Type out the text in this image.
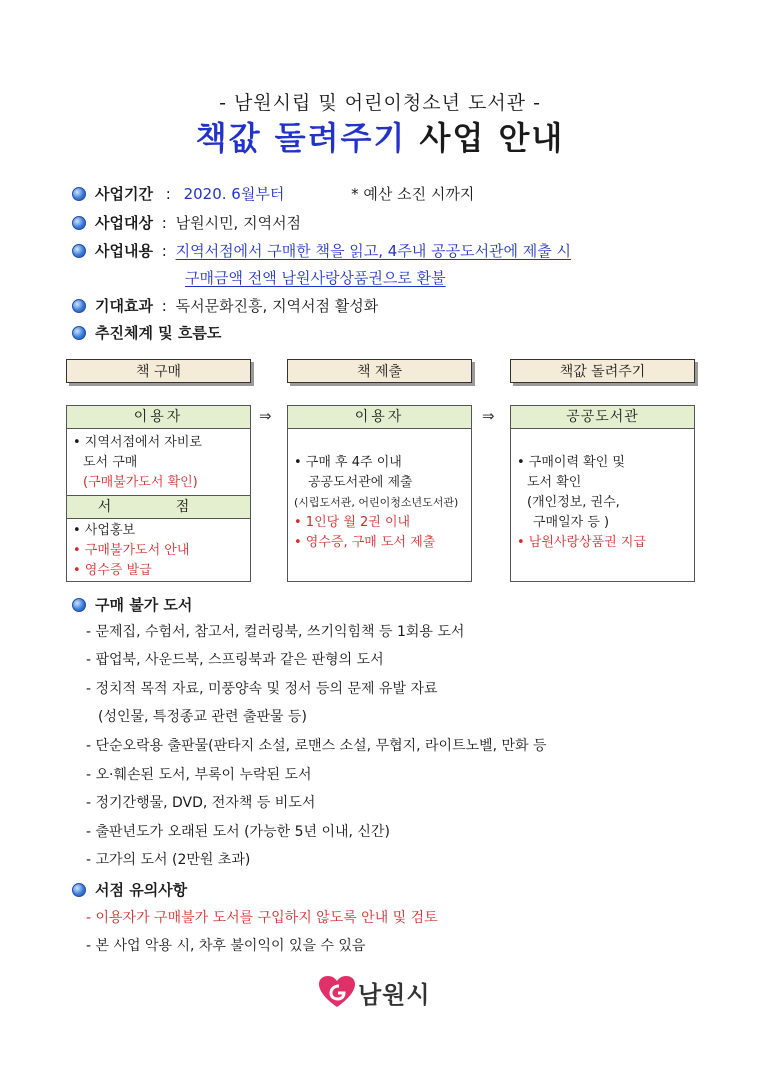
- 남원시립 및 어린이청소년 도서관 -
책값 돌려주기 사업 안내
사업기간 : 2020. 6월부터	* 예산 소진 시까지
사업대상 : 남원시민, 지역서점
사업내용 : 지역서점에서 구매한 책을 읽고, 4주내 공공도서관에 제출 시
구매금액 전액 남원사랑상품권으로 환불
기대효과 : 독서문화진흥, 지역서점 활성화
추진체계 및 흐름도
책 구매	책 제출	책값 돌려주기
이용자
• 지역서점에서 자비로
도서 구매
(구매불가도서 확인)
서 점
• 사업홍보
• 구매불가도서 안내
• 영수증 발급
⇒	이용자
• 구매 후 4주 이내
공공도서관에 제출
(시립도서관, 어린이청소년도서관)
• 1인당 월 2권 이내
• 영수증, 구매 도서 제출
⇒	공공도서관
• 구매이력 확인 및
도서 확인
(개인정보, 권수,
구매일자 등 )
• 남원사랑상품권 지급
구매 불가 도서
- 문제집, 수험서, 참고서, 컬러링북, 쓰기익힘책 등 1회용 도서
- 팝업북, 사운드북, 스프링북과 같은 판형의 도서
- 정치적 목적 자료, 미풍양속 및 정서 등의 문제 유발 자료
(성인물, 특정종교 관련 출판물 등)
- 단순오락용 출판물(판타지 소설, 로맨스 소설, 무협지, 라이트노벨, 만화 등
- 오·훼손된 도서, 부록이 누락된 도서
- 정기간행물, DVD, 전자책 등 비도서
- 출판년도가 오래된 도서 (가능한 5년 이내, 신간)
- 고가의 도서 (2만원 초과)
서점 유의사항
- 이용자가 구매불가 도서를 구입하지 않도록 안내 및 검토
- 본 사업 악용 시, 차후 불이익이 있을 수 있음
남원시
